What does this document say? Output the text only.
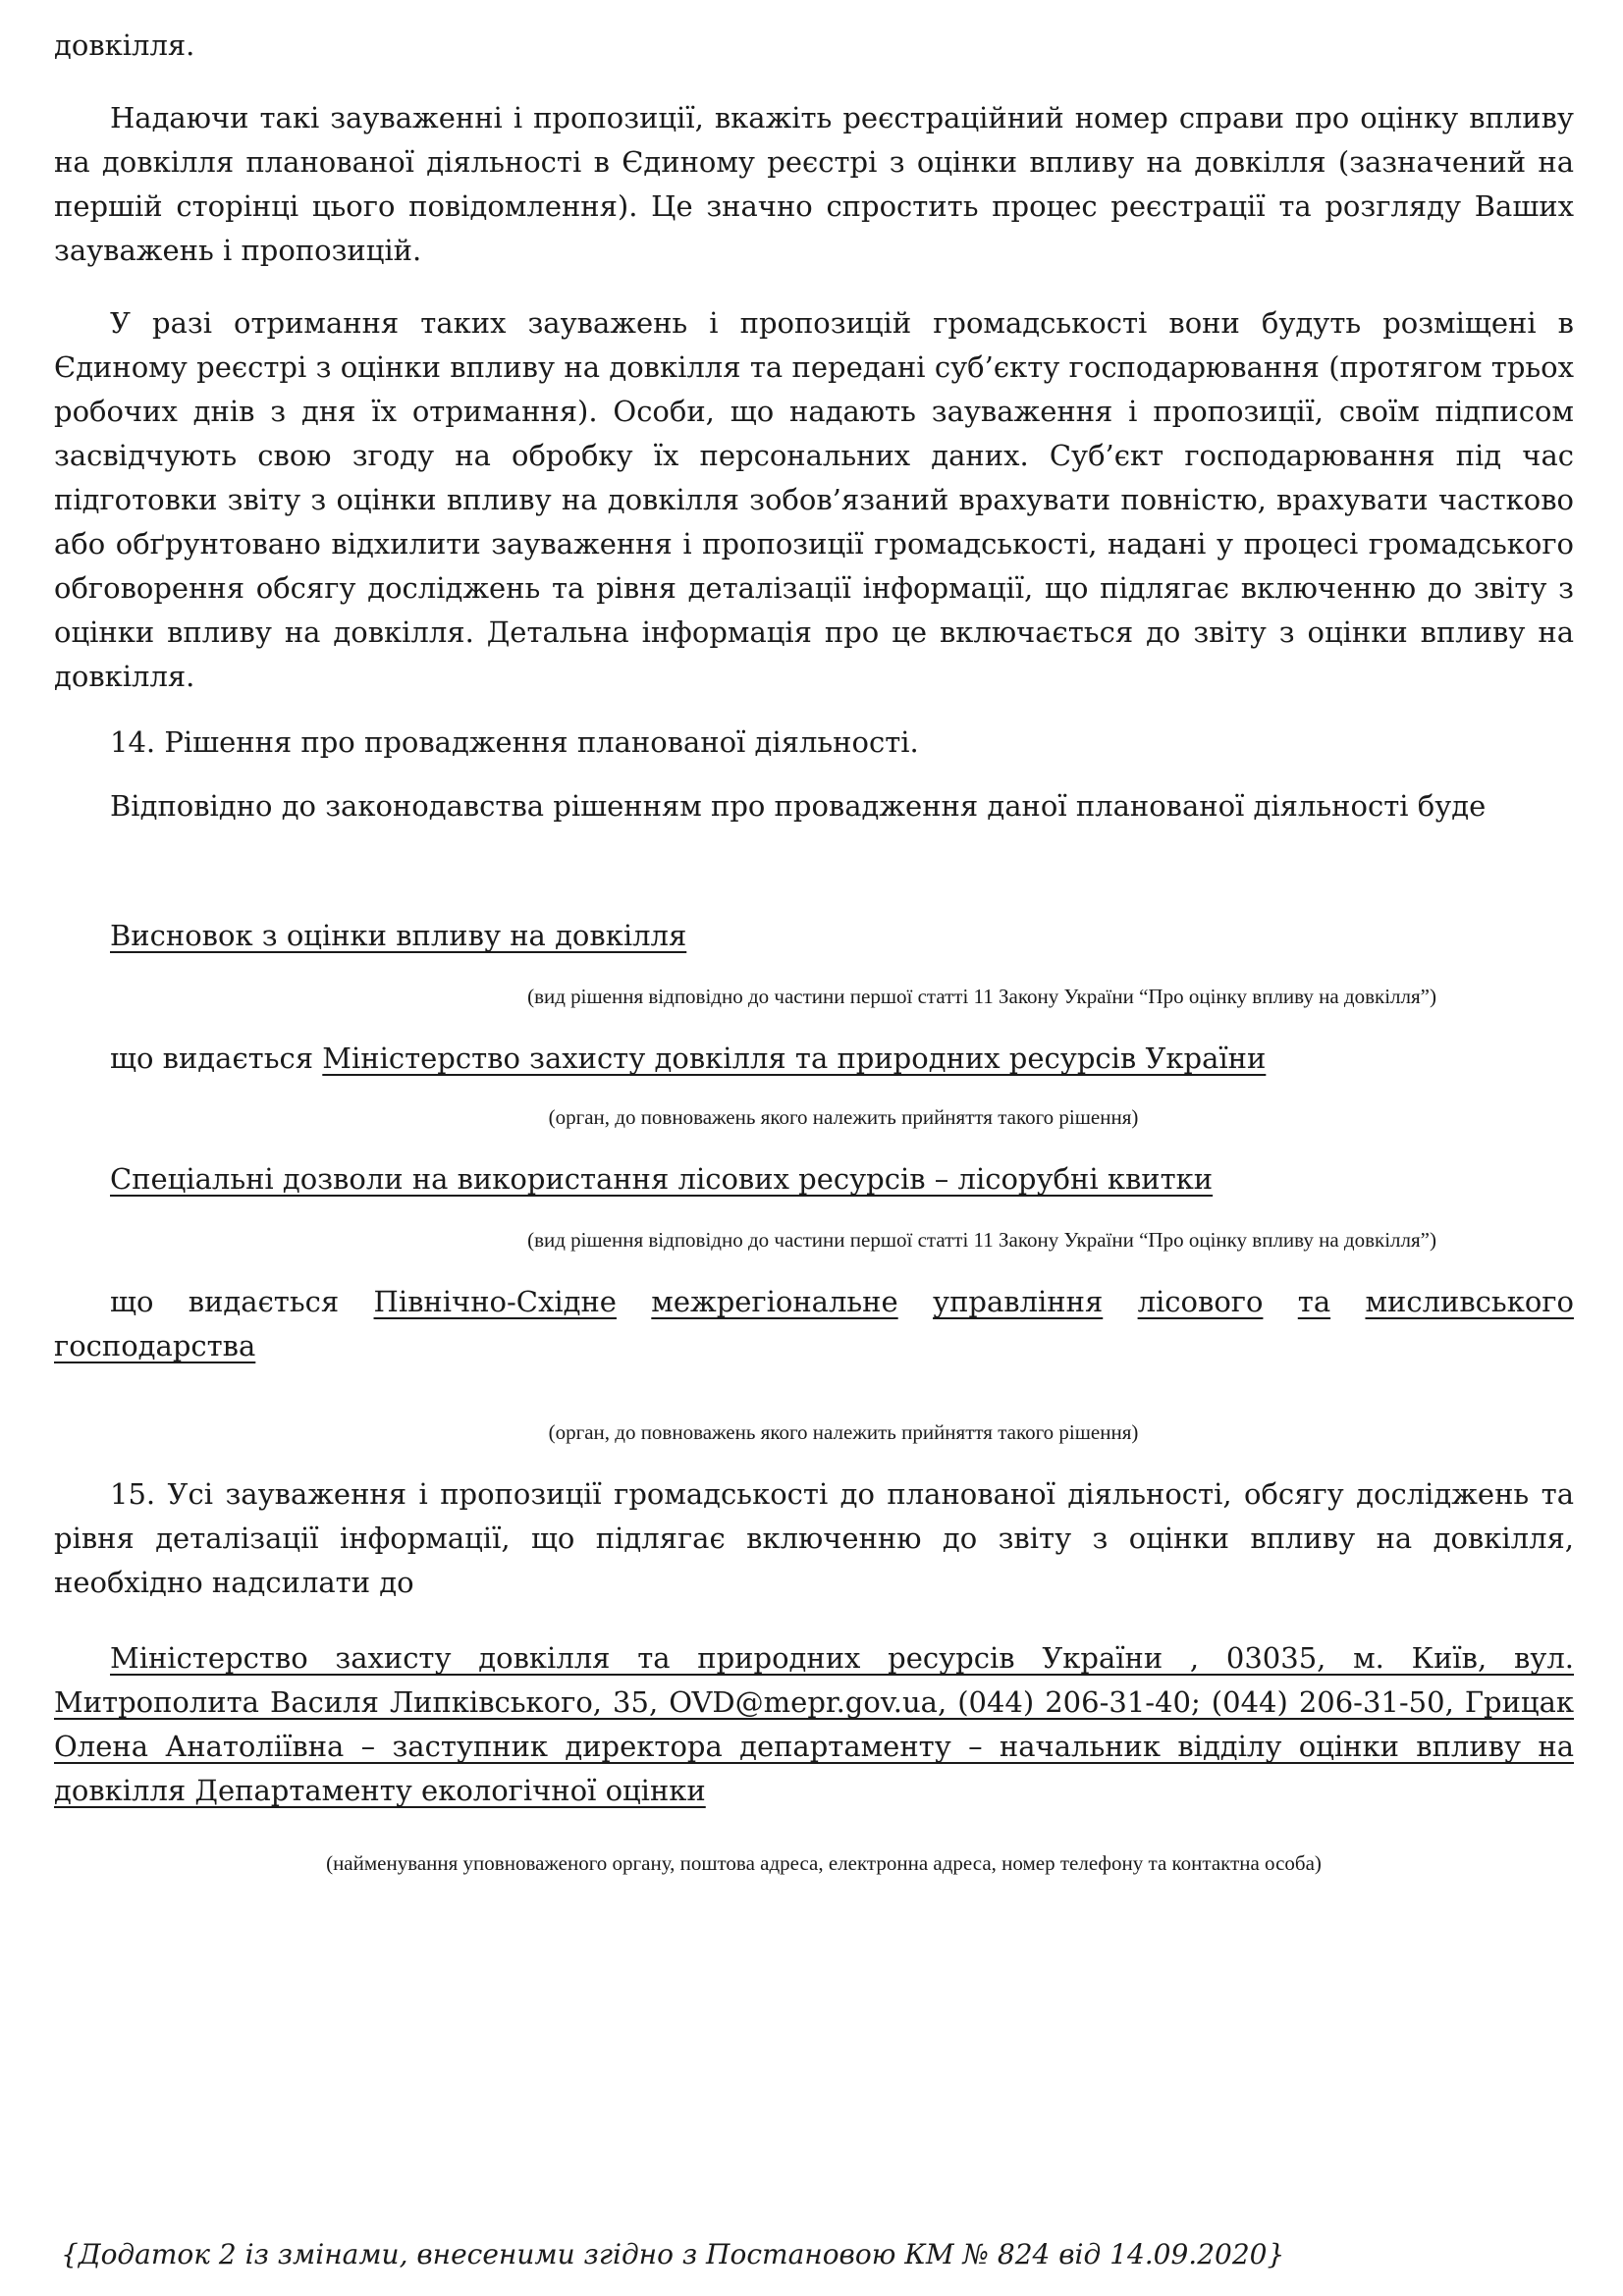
довкілля.

Надаючи такі зауваженні і пропозиції, вкажіть реєстраційний номер справи про оцінку впливу на довкілля планованої діяльності в Єдиному реєстрі з оцінки впливу на довкілля (зазначений на першій сторінці цього повідомлення). Це значно спростить процес реєстрації та розгляду Ваших зауважень і пропозицій.

У разі отримання таких зауважень і пропозицій громадськості вони будуть розміщені в Єдиному реєстрі з оцінки впливу на довкілля та передані суб’єкту господарювання (протягом трьох робочих днів з дня їх отримання). Особи, що надають зауваження і пропозиції, своїм підписом засвідчують свою згоду на обробку їх персональних даних. Суб’єкт господарювання під час підготовки звіту з оцінки впливу на довкілля зобов’язаний врахувати повністю, врахувати частково або обґрунтовано відхилити зауваження і пропозиції громадськості, надані у процесі громадського обговорення обсягу досліджень та рівня деталізації інформації, що підлягає включенню до звіту з оцінки впливу на довкілля. Детальна інформація про це включається до звіту з оцінки впливу на довкілля.

14. Рішення про провадження планованої діяльності.

Відповідно до законодавства рішенням про провадження даної планованої діяльності буде

Висновок з оцінки впливу на довкілля

(вид рішення відповідно до частини першої статті 11 Закону України “Про оцінку впливу на довкілля”)

що видається Міністерство захисту довкілля та природних ресурсів України

(орган, до повноважень якого належить прийняття такого рішення)

Спеціальні дозволи на використання лісових ресурсів – лісорубні квитки

(вид рішення відповідно до частини першої статті 11 Закону України “Про оцінку впливу на довкілля”)

що видається Північно-Східне межрегіональне управління лісового та мисливського

господарства

(орган, до повноважень якого належить прийняття такого рішення)

15. Усі зауваження і пропозиції громадськості до планованої діяльності, обсягу досліджень та рівня деталізації інформації, що підлягає включенню до звіту з оцінки впливу на довкілля, необхідно надсилати до

Міністерство захисту довкілля та природних ресурсів України , 03035, м. Київ, вул. Митрополита Василя Липківського, 35, OVD@mepr.gov.ua, (044) 206-31-40; (044) 206-31-50, Грицак Олена Анатоліївна – заступник директора департаменту – начальник відділу оцінки впливу на довкілля Департаменту екологічної оцінки

(найменування уповноваженого органу, поштова адреса, електронна адреса, номер телефону та контактна особа)

{Додаток 2 із змінами, внесеними згідно з Постановою КМ № 824 від 14.09.2020}
